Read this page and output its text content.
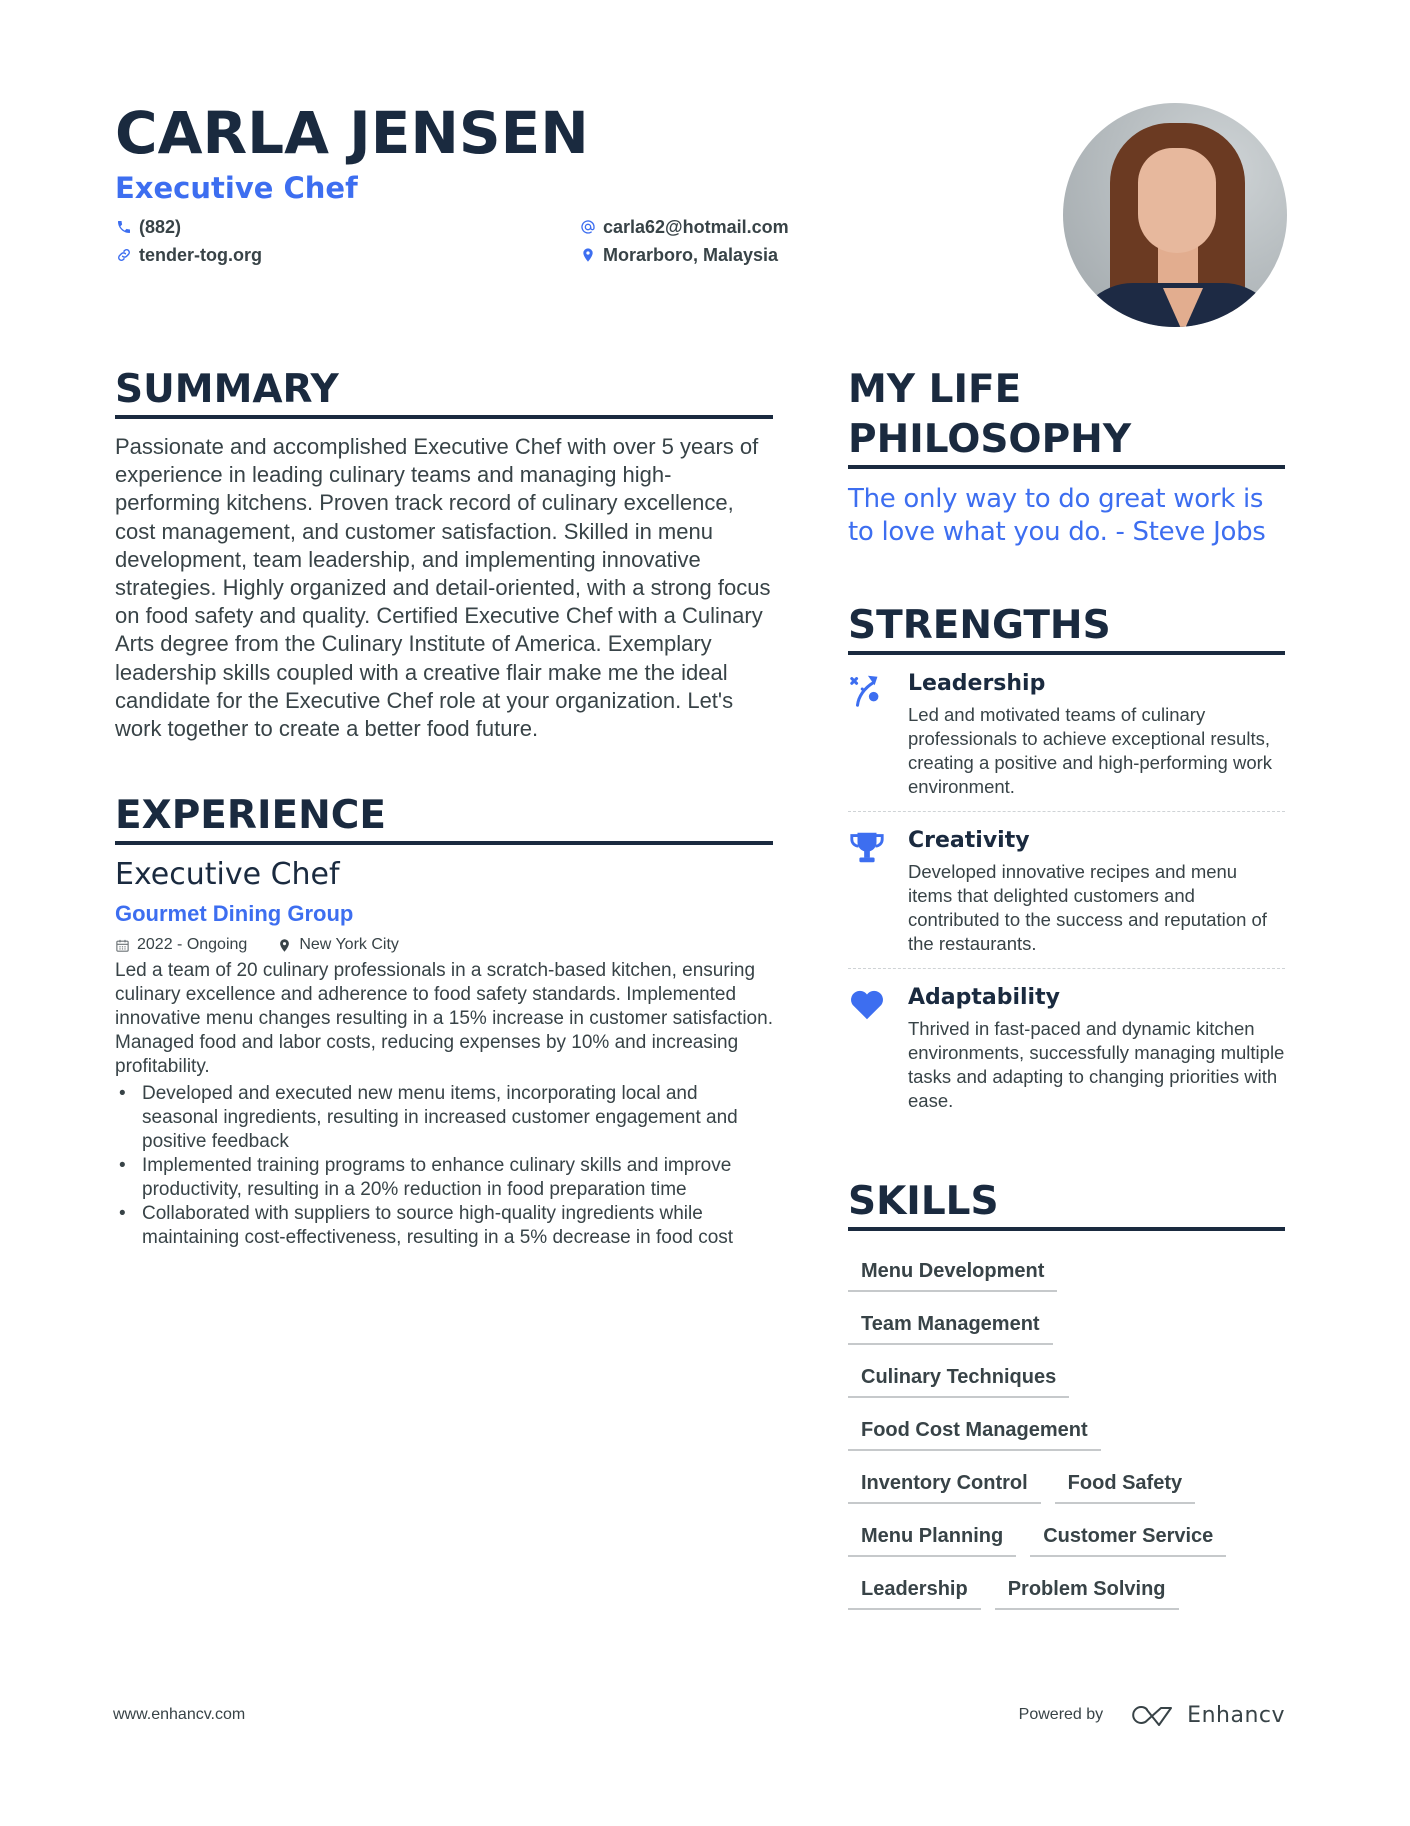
CARLA JENSEN
Executive Chef
(882)
tender-tog.org
carla62@hotmail.com
Morarboro, Malaysia
SUMMARY

Passionate and accomplished Executive Chef with over 5 years of experience in leading culinary teams and managing high-performing kitchens. Proven track record of culinary excellence, cost management, and customer satisfaction. Skilled in menu development, team leadership, and implementing innovative strategies. Highly organized and detail-oriented, with a strong focus on food safety and quality. Certified Executive Chef with a Culinary Arts degree from the Culinary Institute of America. Exemplary leadership skills coupled with a creative flair make me the ideal candidate for the Executive Chef role at your organization. Let's work together to create a better food future.

EXPERIENCE
Executive Chef
Gourmet Dining Group
2022 - Ongoing	New York City

Led a team of 20 culinary professionals in a scratch-based kitchen, ensuring culinary excellence and adherence to food safety standards. Implemented innovative menu changes resulting in a 15% increase in customer satisfaction. Managed food and labor costs, reducing expenses by 10% and increasing profitability.

• Developed and executed new menu items, incorporating local and seasonal ingredients, resulting in increased customer engagement and positive feedback
• Implemented training programs to enhance culinary skills and improve productivity, resulting in a 20% reduction in food preparation time
• Collaborated with suppliers to source high-quality ingredients while maintaining cost-effectiveness, resulting in a 5% decrease in food cost
MY LIFE PHILOSOPHY

The only way to do great work is to love what you do. - Steve Jobs

STRENGTHS
Leadership
Led and motivated teams of culinary professionals to achieve exceptional results, creating a positive and high-performing work environment.
Creativity
Developed innovative recipes and menu items that delighted customers and contributed to the success and reputation of the restaurants.
Adaptability
Thrived in fast-paced and dynamic kitchen environments, successfully managing multiple tasks and adapting to changing priorities with ease.
SKILLS
Menu Development
Team Management
Culinary Techniques
Food Cost Management
Inventory Control	Food Safety
Menu Planning	Customer Service
Leadership	Problem Solving
www.enhancv.com	Powered by	Enhancv
